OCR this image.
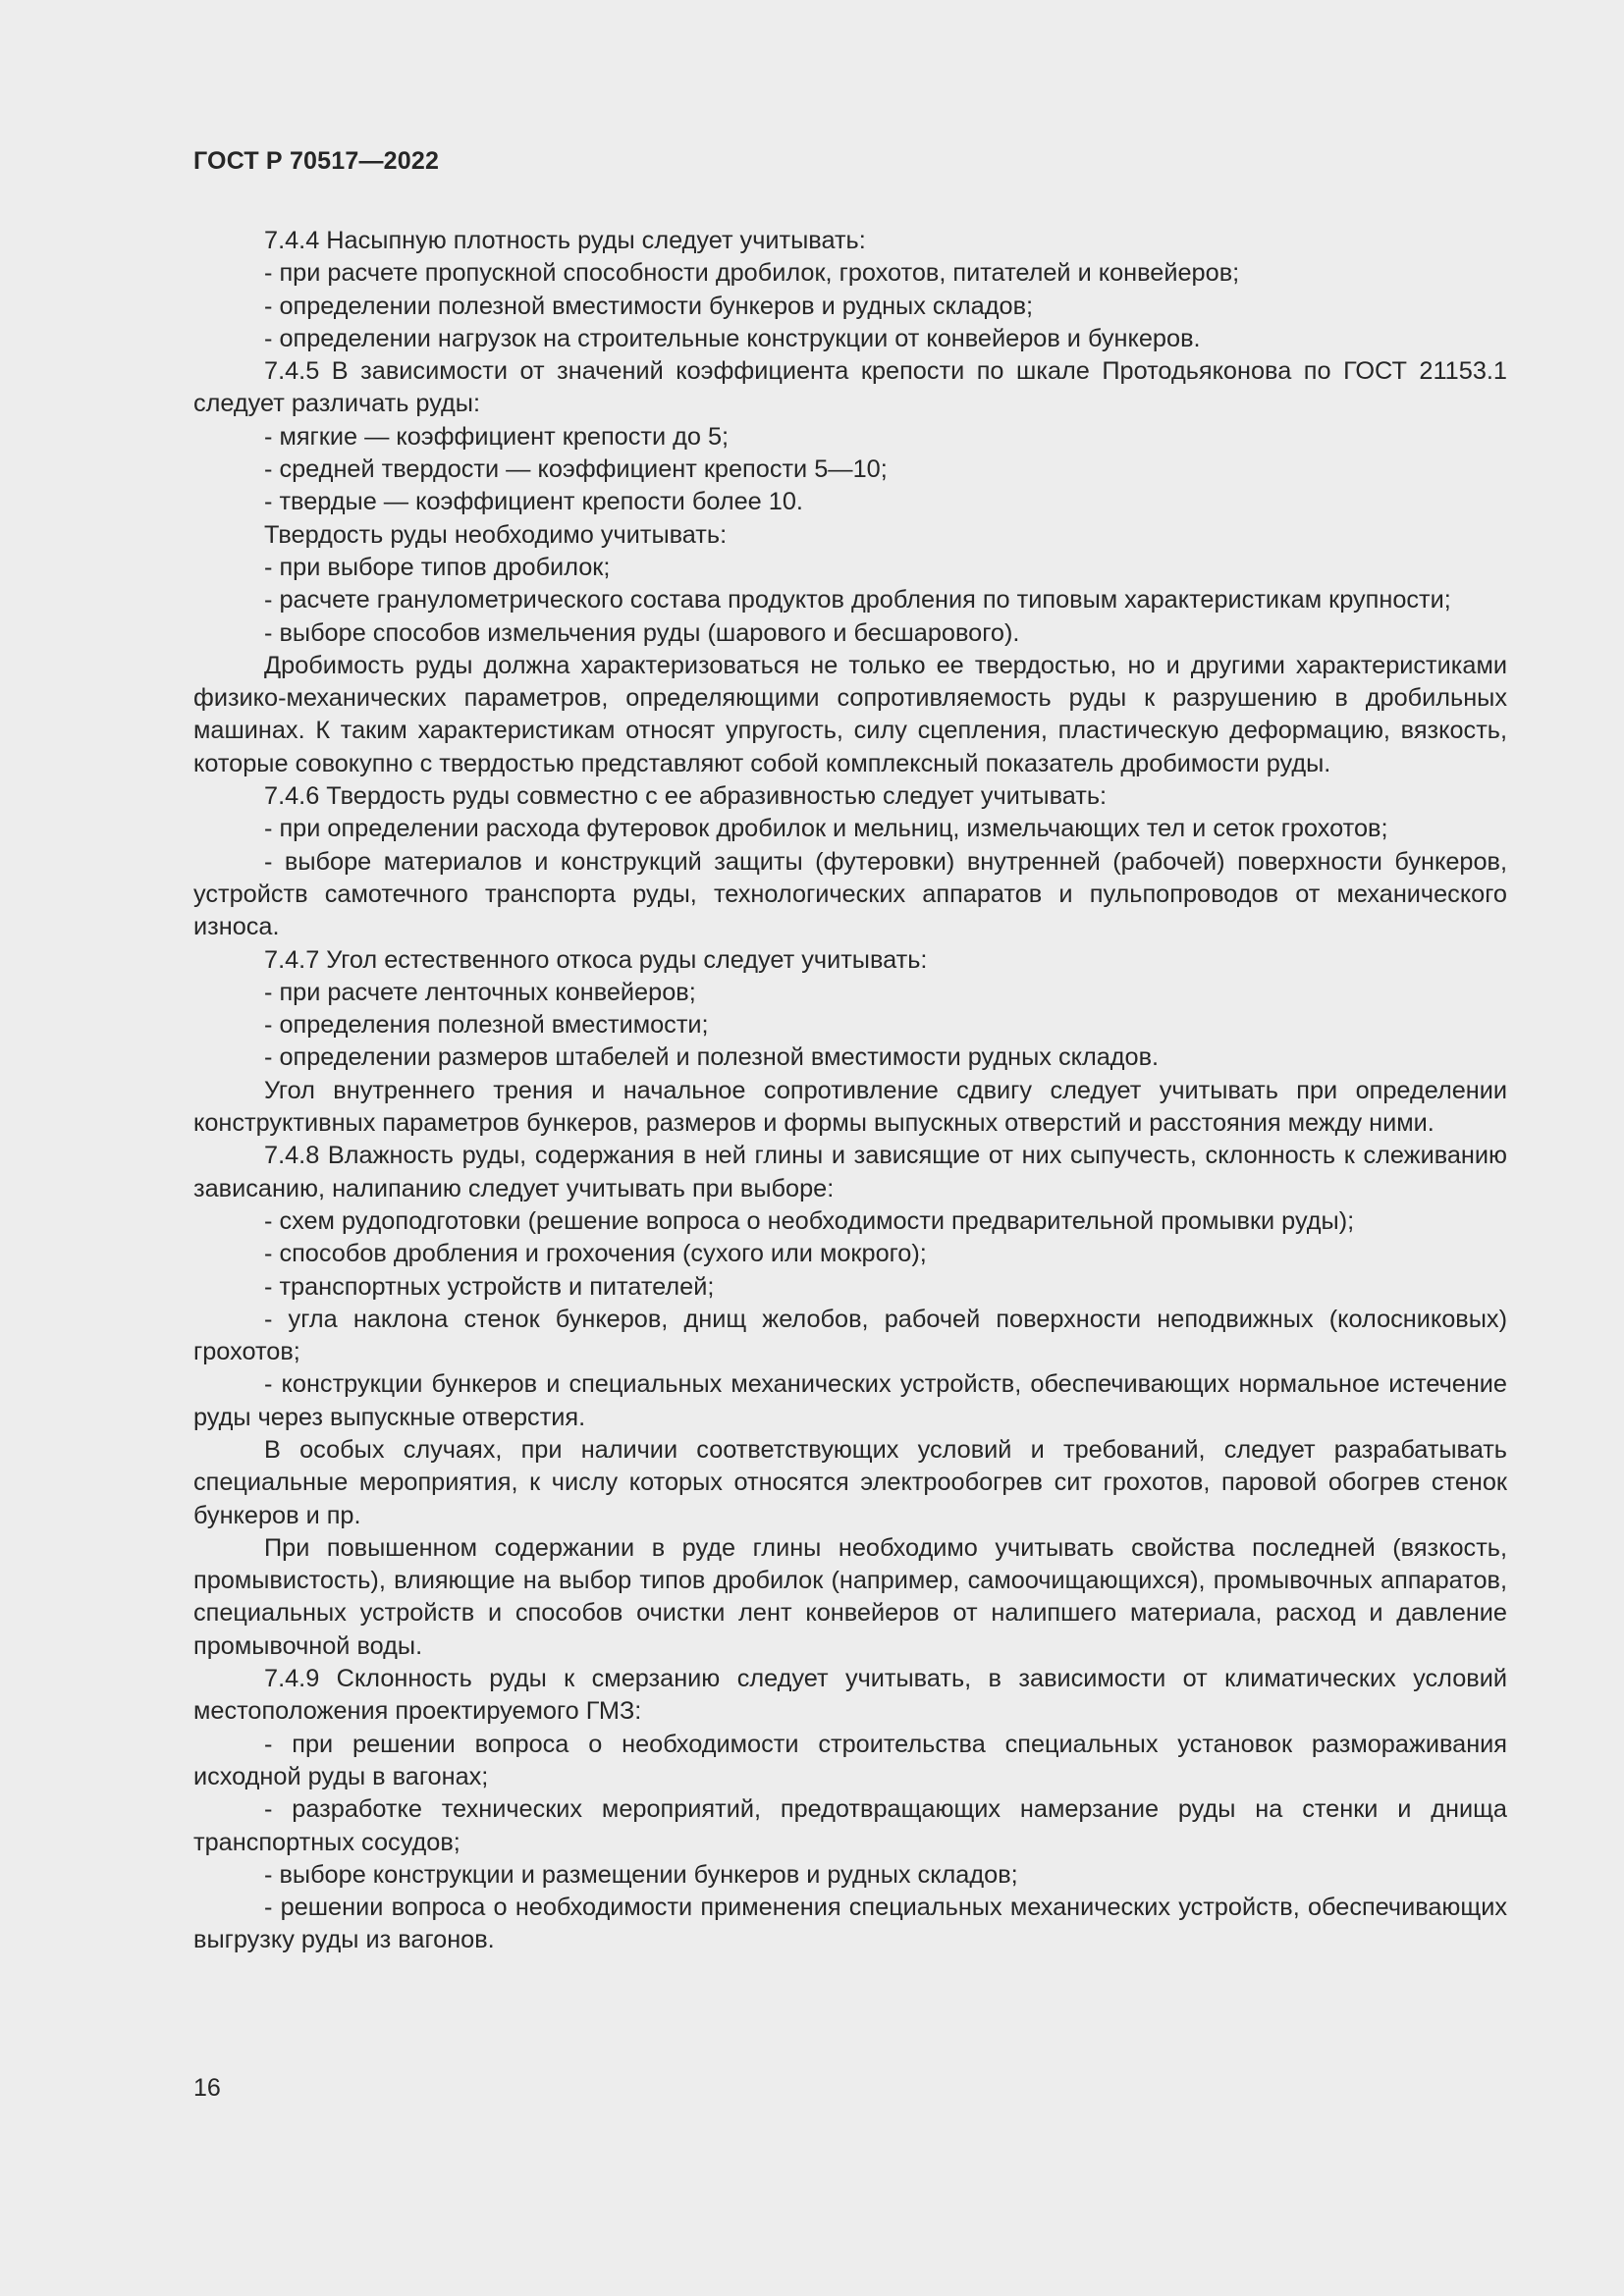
ГОСТ Р 70517—2022

7.4.4 Насыпную плотность руды следует учитывать:

- при расчете пропускной способности дробилок, грохотов, питателей и конвейеров;

- определении полезной вместимости бункеров и рудных складов;

- определении нагрузок на строительные конструкции от конвейеров и бункеров.

7.4.5 В зависимости от значений коэффициента крепости по шкале Протодьяконова по ГОСТ 21153.1 следует различать руды:

- мягкие — коэффициент крепости до 5;

- средней твердости — коэффициент крепости 5—10;

- твердые — коэффициент крепости более 10.

Твердость руды необходимо учитывать:

- при выборе типов дробилок;

- расчете гранулометрического состава продуктов дробления по типовым характеристикам крупности;

- выборе способов измельчения руды (шарового и бесшарового).

Дробимость руды должна характеризоваться не только ее твердостью, но и другими характеристиками физико-механических параметров, определяющими сопротивляемость руды к разрушению в дробильных машинах. К таким характеристикам относят упругость, силу сцепления, пластическую деформацию, вязкость, которые совокупно с твердостью представляют собой комплексный показатель дробимости руды.

7.4.6 Твердость руды совместно с ее абразивностью следует учитывать:

- при определении расхода футеровок дробилок и мельниц, измельчающих тел и сеток грохотов;

- выборе материалов и конструкций защиты (футеровки) внутренней (рабочей) поверхности бункеров, устройств самотечного транспорта руды, технологических аппаратов и пульпопроводов от механического износа.

7.4.7 Угол естественного откоса руды следует учитывать:

- при расчете ленточных конвейеров;

- определения полезной вместимости;

- определении размеров штабелей и полезной вместимости рудных складов.

Угол внутреннего трения и начальное сопротивление сдвигу следует учитывать при определении конструктивных параметров бункеров, размеров и формы выпускных отверстий и расстояния между ними.

7.4.8 Влажность руды, содержания в ней глины и зависящие от них сыпучесть, склонность к слеживанию зависанию, налипанию следует учитывать при выборе:

- схем рудоподготовки (решение вопроса о необходимости предварительной промывки руды);

- способов дробления и грохочения (сухого или мокрого);

- транспортных устройств и питателей;

- угла наклона стенок бункеров, днищ желобов, рабочей поверхности неподвижных (колосниковых) грохотов;

- конструкции бункеров и специальных механических устройств, обеспечивающих нормальное истечение руды через выпускные отверстия.

В особых случаях, при наличии соответствующих условий и требований, следует разрабатывать специальные мероприятия, к числу которых относятся электрообогрев сит грохотов, паровой обогрев стенок бункеров и пр.

При повышенном содержании в руде глины необходимо учитывать свойства последней (вязкость, промывистость), влияющие на выбор типов дробилок (например, самоочищающихся), промывочных аппаратов, специальных устройств и способов очистки лент конвейеров от налипшего материала, расход и давление промывочной воды.

7.4.9 Склонность руды к смерзанию следует учитывать, в зависимости от климатических условий местоположения проектируемого ГМЗ:

- при решении вопроса о необходимости строительства специальных установок размораживания исходной руды в вагонах;

- разработке технических мероприятий, предотвращающих намерзание руды на стенки и днища транспортных сосудов;

- выборе конструкции и размещении бункеров и рудных складов;

- решении вопроса о необходимости применения специальных механических устройств, обеспечивающих выгрузку руды из вагонов.

16
